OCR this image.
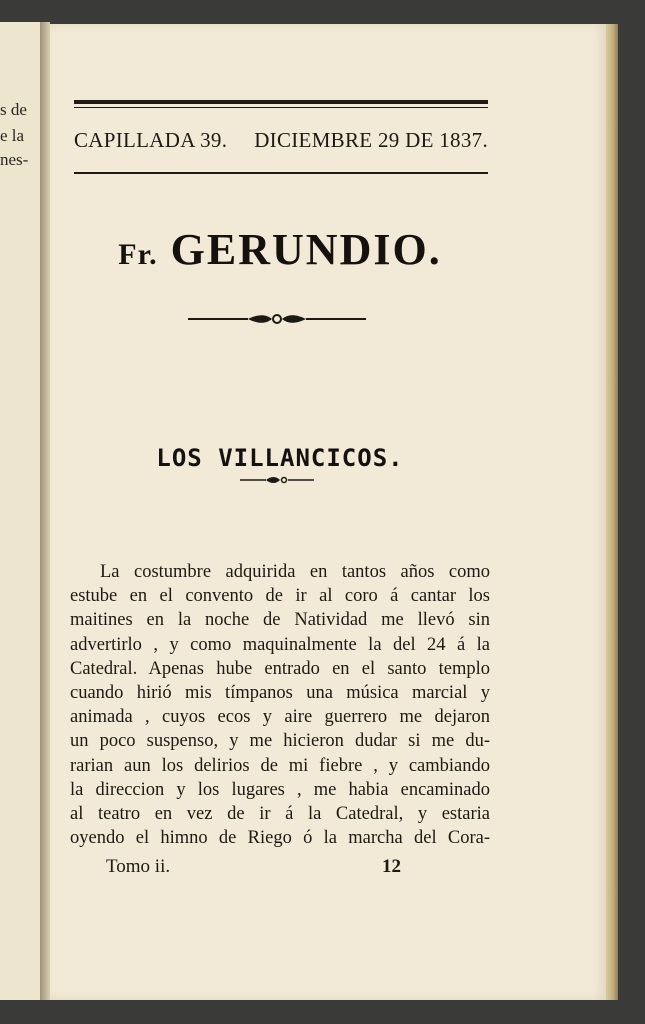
s de
e la
nes-
CAPILLADA 39. DICIEMBRE 29 DE 1837.
Fr. GERUNDIO.
LOS VILLANCICOS.
La costumbre adquirida en tantos años como
estube en el convento de ir al coro á cantar los
maitines en la noche de Natividad me llevó sin
advertirlo , y como maquinalmente la del 24 á la
Catedral. Apenas hube entrado en el santo templo
cuando hirió mis tímpanos una música marcial y
animada , cuyos ecos y aire guerrero me dejaron
un poco suspenso, y me hicieron dudar si me du-
rarian aun los delirios de mi fiebre , y cambiando
la direccion y los lugares , me habia encaminado
al teatro en vez de ir á la Catedral, y estaria
oyendo el himno de Riego ó la marcha del Cora-
Tomo ii.	12
